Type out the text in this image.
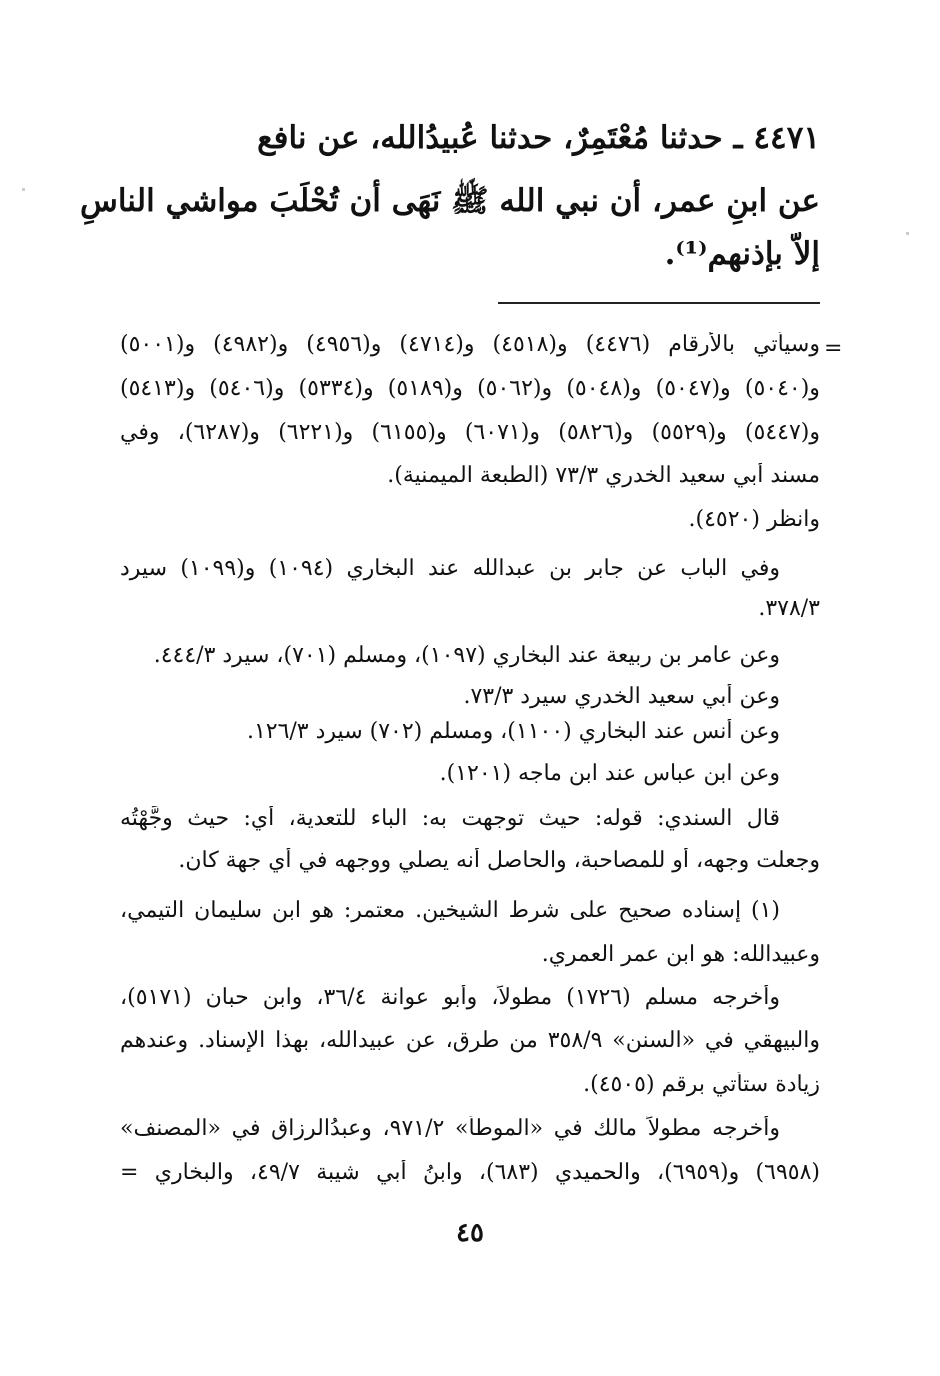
٤٤٧١ ـ حدثنا مُعْتَمِرٌ، حدثنا عُبيدُالله، عن نافع
عن ابنِ عمر، أن نبي الله ﷺ نَهَى أن تُحْلَبَ مواشي الناسِ
إلاّ بإذنهم⁽¹⁾.
=
وسيأتي بالأرقام (٤٤٧٦) و(٤٥١٨) و(٤٧١٤) و(٤٩٥٦) و(٤٩٨٢) و(٥٠٠١)
و(٥٠٤٠) و(٥٠٤٧) و(٥٠٤٨) و(٥٠٦٢) و(٥١٨٩) و(٥٣٣٤) و(٥٤٠٦) و(٥٤١٣)
و(٥٤٤٧) و(٥٥٢٩) و(٥٨٢٦) و(٦٠٧١) و(٦١٥٥) و(٦٢٢١) و(٦٢٨٧)، وفي
مسند أبي سعيد الخدري ٧٣/٣ (الطبعة الميمنية).
وانظر (٤٥٢٠).
وفي الباب عن جابر بن عبدالله عند البخاري (١٠٩٤) و(١٠٩٩) سيرد
٣٧٨/٣.
وعن عامر بن ربيعة عند البخاري (١٠٩٧)، ومسلم (٧٠١)، سيرد ٤٤٤/٣.
وعن أبي سعيد الخدري سيرد ٧٣/٣.
وعن أنس عند البخاري (١١٠٠)، ومسلم (٧٠٢) سيرد ١٢٦/٣.
وعن ابن عباس عند ابن ماجه (١٢٠١).
قال السندي: قوله: حيث توجهت به: الباء للتعدية، أي: حيث وجَّهْتُه
وجعلت وجهه، أو للمصاحبة، والحاصل أنه يصلي ووجهه في أي جهة كان.
(١) إسناده صحيح على شرط الشيخين. معتمر: هو ابن سليمان التيمي،
وعبيدالله: هو ابن عمر العمري.
وأخرجه مسلم (١٧٢٦) مطولاً، وأبو عوانة ٣٦/٤، وابن حبان (٥١٧١)،
والبيهقي في «السنن» ٣٥٨/٩ من طرق، عن عبيدالله، بهذا الإسناد. وعندهم
زيادة ستأتي برقم (٤٥٠٥).
وأخرجه مطولاً مالك في «الموطأ» ٩٧١/٢، وعبدُالرزاق في «المصنف»
(٦٩٥٨) و(٦٩٥٩)، والحميدي (٦٨٣)، وابنُ أبي شيبة ٤٩/٧، والبخاري =
٤٥
